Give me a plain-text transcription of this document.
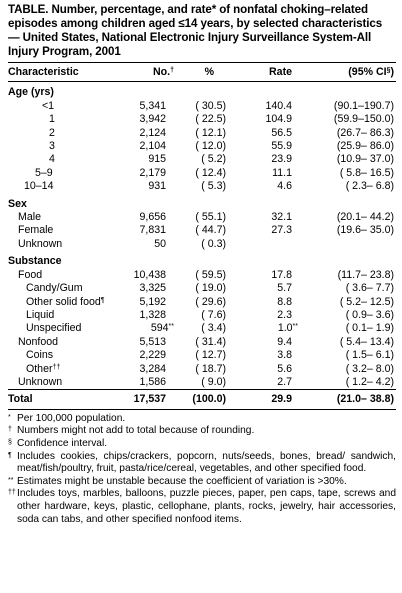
TABLE. Number, percentage, and rate* of nonfatal choking–related episodes among children aged ≤14 years, by selected characteristics — United States, National Electronic Injury Surveillance System-All Injury Program, 2001
Characteristic	No.†	%	Rate	(95% CI§)

Age (yrs)				
<1	5,341	( 30.5)	140.4	(90.1–190.7)
1	3,942	( 22.5)	104.9	(59.9–150.0)
2	2,124	( 12.1)	56.5	(26.7– 86.3)
3	2,104	( 12.0)	55.9	(25.9– 86.0)
4	915	( 5.2)	23.9	(10.9– 37.0)
5–9	2,179	( 12.4)	11.1	( 5.8– 16.5)
10–14	931	( 5.3)	4.6	( 2.3– 6.8)
Sex				
Male	9,656	( 55.1)	32.1	(20.1– 44.2)
Female	7,831	( 44.7)	27.3	(19.6– 35.0)
Unknown	50	( 0.3)		
Substance				
Food	10,438	( 59.5)	17.8	(11.7– 23.8)
Candy/Gum	3,325	( 19.0)	5.7	( 3.6– 7.7)
Other solid food¶	5,192	( 29.6)	8.8	( 5.2– 12.5)
Liquid	1,328	( 7.6)	2.3	( 0.9– 3.6)
Unspecified	594**	( 3.4)	1.0**	( 0.1– 1.9)
Nonfood	5,513	( 31.4)	9.4	( 5.4– 13.4)
Coins	2,229	( 12.7)	3.8	( 1.5– 6.1)
Other††	3,284	( 18.7)	5.6	( 3.2– 8.0)
Unknown	1,586	( 9.0)	2.7	( 1.2– 4.2)

Total	17,537	(100.0)	29.9	(21.0– 38.8)

* Per 100,000 population.
† Numbers might not add to total because of rounding.
§ Confidence interval.
¶ Includes cookies, chips/crackers, popcorn, nuts/seeds, bones, bread/ sandwich, meat/fish/poultry, fruit, pasta/rice/cereal, vegetables, and other specified food.
** Estimates might be unstable because the coefficient of variation is >30%.
†† Includes toys, marbles, balloons, puzzle pieces, paper, pen caps, tape, screws and other hardware, keys, plastic, cellophane, plants, rocks, jewelry, hair accessories, soda can tabs, and other specified nonfood items.
